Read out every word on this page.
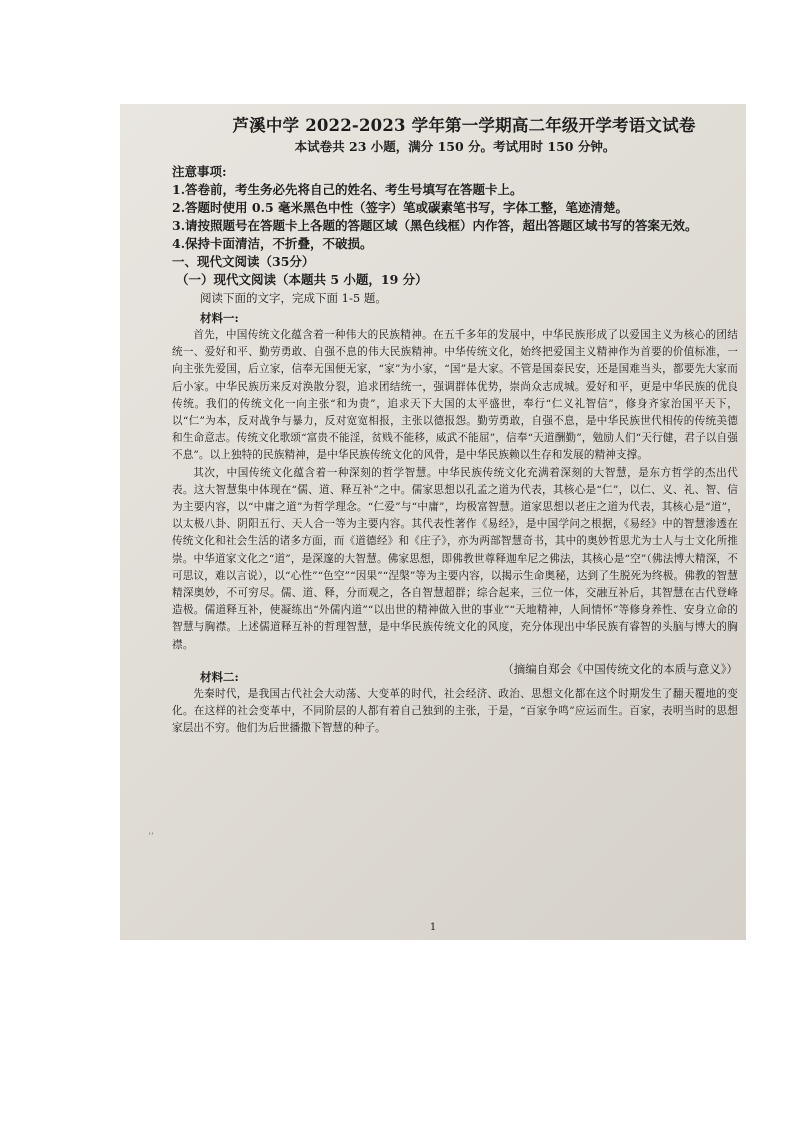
芦溪中学 2022-2023 学年第一学期高二年级开学考语文试卷
本试卷共 23 小题，满分 150 分。考试用时 150 分钟。
注意事项:
1.答卷前，考生务必先将自己的姓名、考生号填写在答题卡上。
2.答题时使用 0.5 毫米黑色中性（签字）笔或碳素笔书写，字体工整，笔迹清楚。
3.请按照题号在答题卡上各题的答题区域（黑色线框）内作答，超出答题区域书写的答案无效。
4.保持卡面清洁，不折叠，不破损。
一、现代文阅读（35分）
（一）现代文阅读（本题共 5 小题，19 分）
阅读下面的文字，完成下面 1-5 题。
材料一:

首先，中国传统文化蕴含着一种伟大的民族精神。在五千多年的发展中，中华民族形成了以爱国主义为核心的团结统一、爱好和平、勤劳勇敢、自强不息的伟大民族精神。中华传统文化，始终把爱国主义精神作为首要的价值标准，一向主张先爱国，后立家，信奉无国便无家，“家”为小家，“国”是大家。不管是国泰民安，还是国难当头，都要先大家而后小家。中华民族历来反对涣散分裂，追求团结统一，强调群体优势，崇尚众志成城。爱好和平，更是中华民族的优良传统。我们的传统文化一向主张“和为贵”，追求天下大国的太平盛世，奉行“仁义礼智信”，修身齐家治国平天下，以“仁”为本，反对战争与暴力，反对宽宽相报，主张以德报怨。勤劳勇敢，自强不息，是中华民族世代相传的传统美德和生命意志。传统文化歌颂“富贵不能淫，贫贱不能移，威武不能屈”，信奉“天道酬勤”，勉励人们“天行健，君子以自强不息”。以上独特的民族精神，是中华民族传统文化的风骨，是中华民族赖以生存和发展的精神支撑。

其次，中国传统文化蕴含着一种深刻的哲学智慧。中华民族传统文化充满着深刻的大智慧，是东方哲学的杰出代表。这大智慧集中体现在“儒、道、释互补”之中。儒家思想以孔孟之道为代表，其核心是“仁”，以仁、义、礼、智、信为主要内容，以“中庸之道”为哲学理念。“仁爱”与“中庸”，均极富智慧。道家思想以老庄之道为代表，其核心是“道”，以太极八卦、阴阳五行、天人合一等为主要内容。其代表性著作《易经》，是中国学问之根据，《易经》中的智慧渗透在传统文化和社会生活的诸多方面，而《道德经》和《庄子》，亦为两部智慧奇书，其中的奥妙哲思尤为士人与士文化所推崇。中华道家文化之“道”，是深邃的大智慧。佛家思想，即佛教世尊释迦牟尼之佛法，其核心是“空”（佛法博大精深，不可思议，难以言说），以“心性”“色空”“因果”“涅槃”等为主要内容，以揭示生命奥秘，达到了生脱死为终极。佛教的智慧精深奥妙，不可穷尽。儒、道、释，分而观之，各自智慧超群；综合起来，三位一体，交融互补后，其智慧在古代登峰造极。儒道释互补，使凝练出“外儒内道”“以出世的精神做入世的事业”“天地精神，人间情怀”等修身养性、安身立命的智慧与胸襟。上述儒道释互补的哲理智慧，是中华民族传统文化的风度，充分体现出中华民族有睿智的头脑与博大的胸襟。

（摘编自郑会《中国传统文化的本质与意义》）
材料二:

先秦时代，是我国古代社会大动荡、大变革的时代，社会经济、政治、思想文化都在这个时期发生了翻天覆地的变化。在这样的社会变革中，不同阶层的人都有着自己独到的主张，于是，“百家争鸣”应运而生。百家，表明当时的思想家层出不穷。他们为后世播撒下智慧的种子。

‘‘
1
